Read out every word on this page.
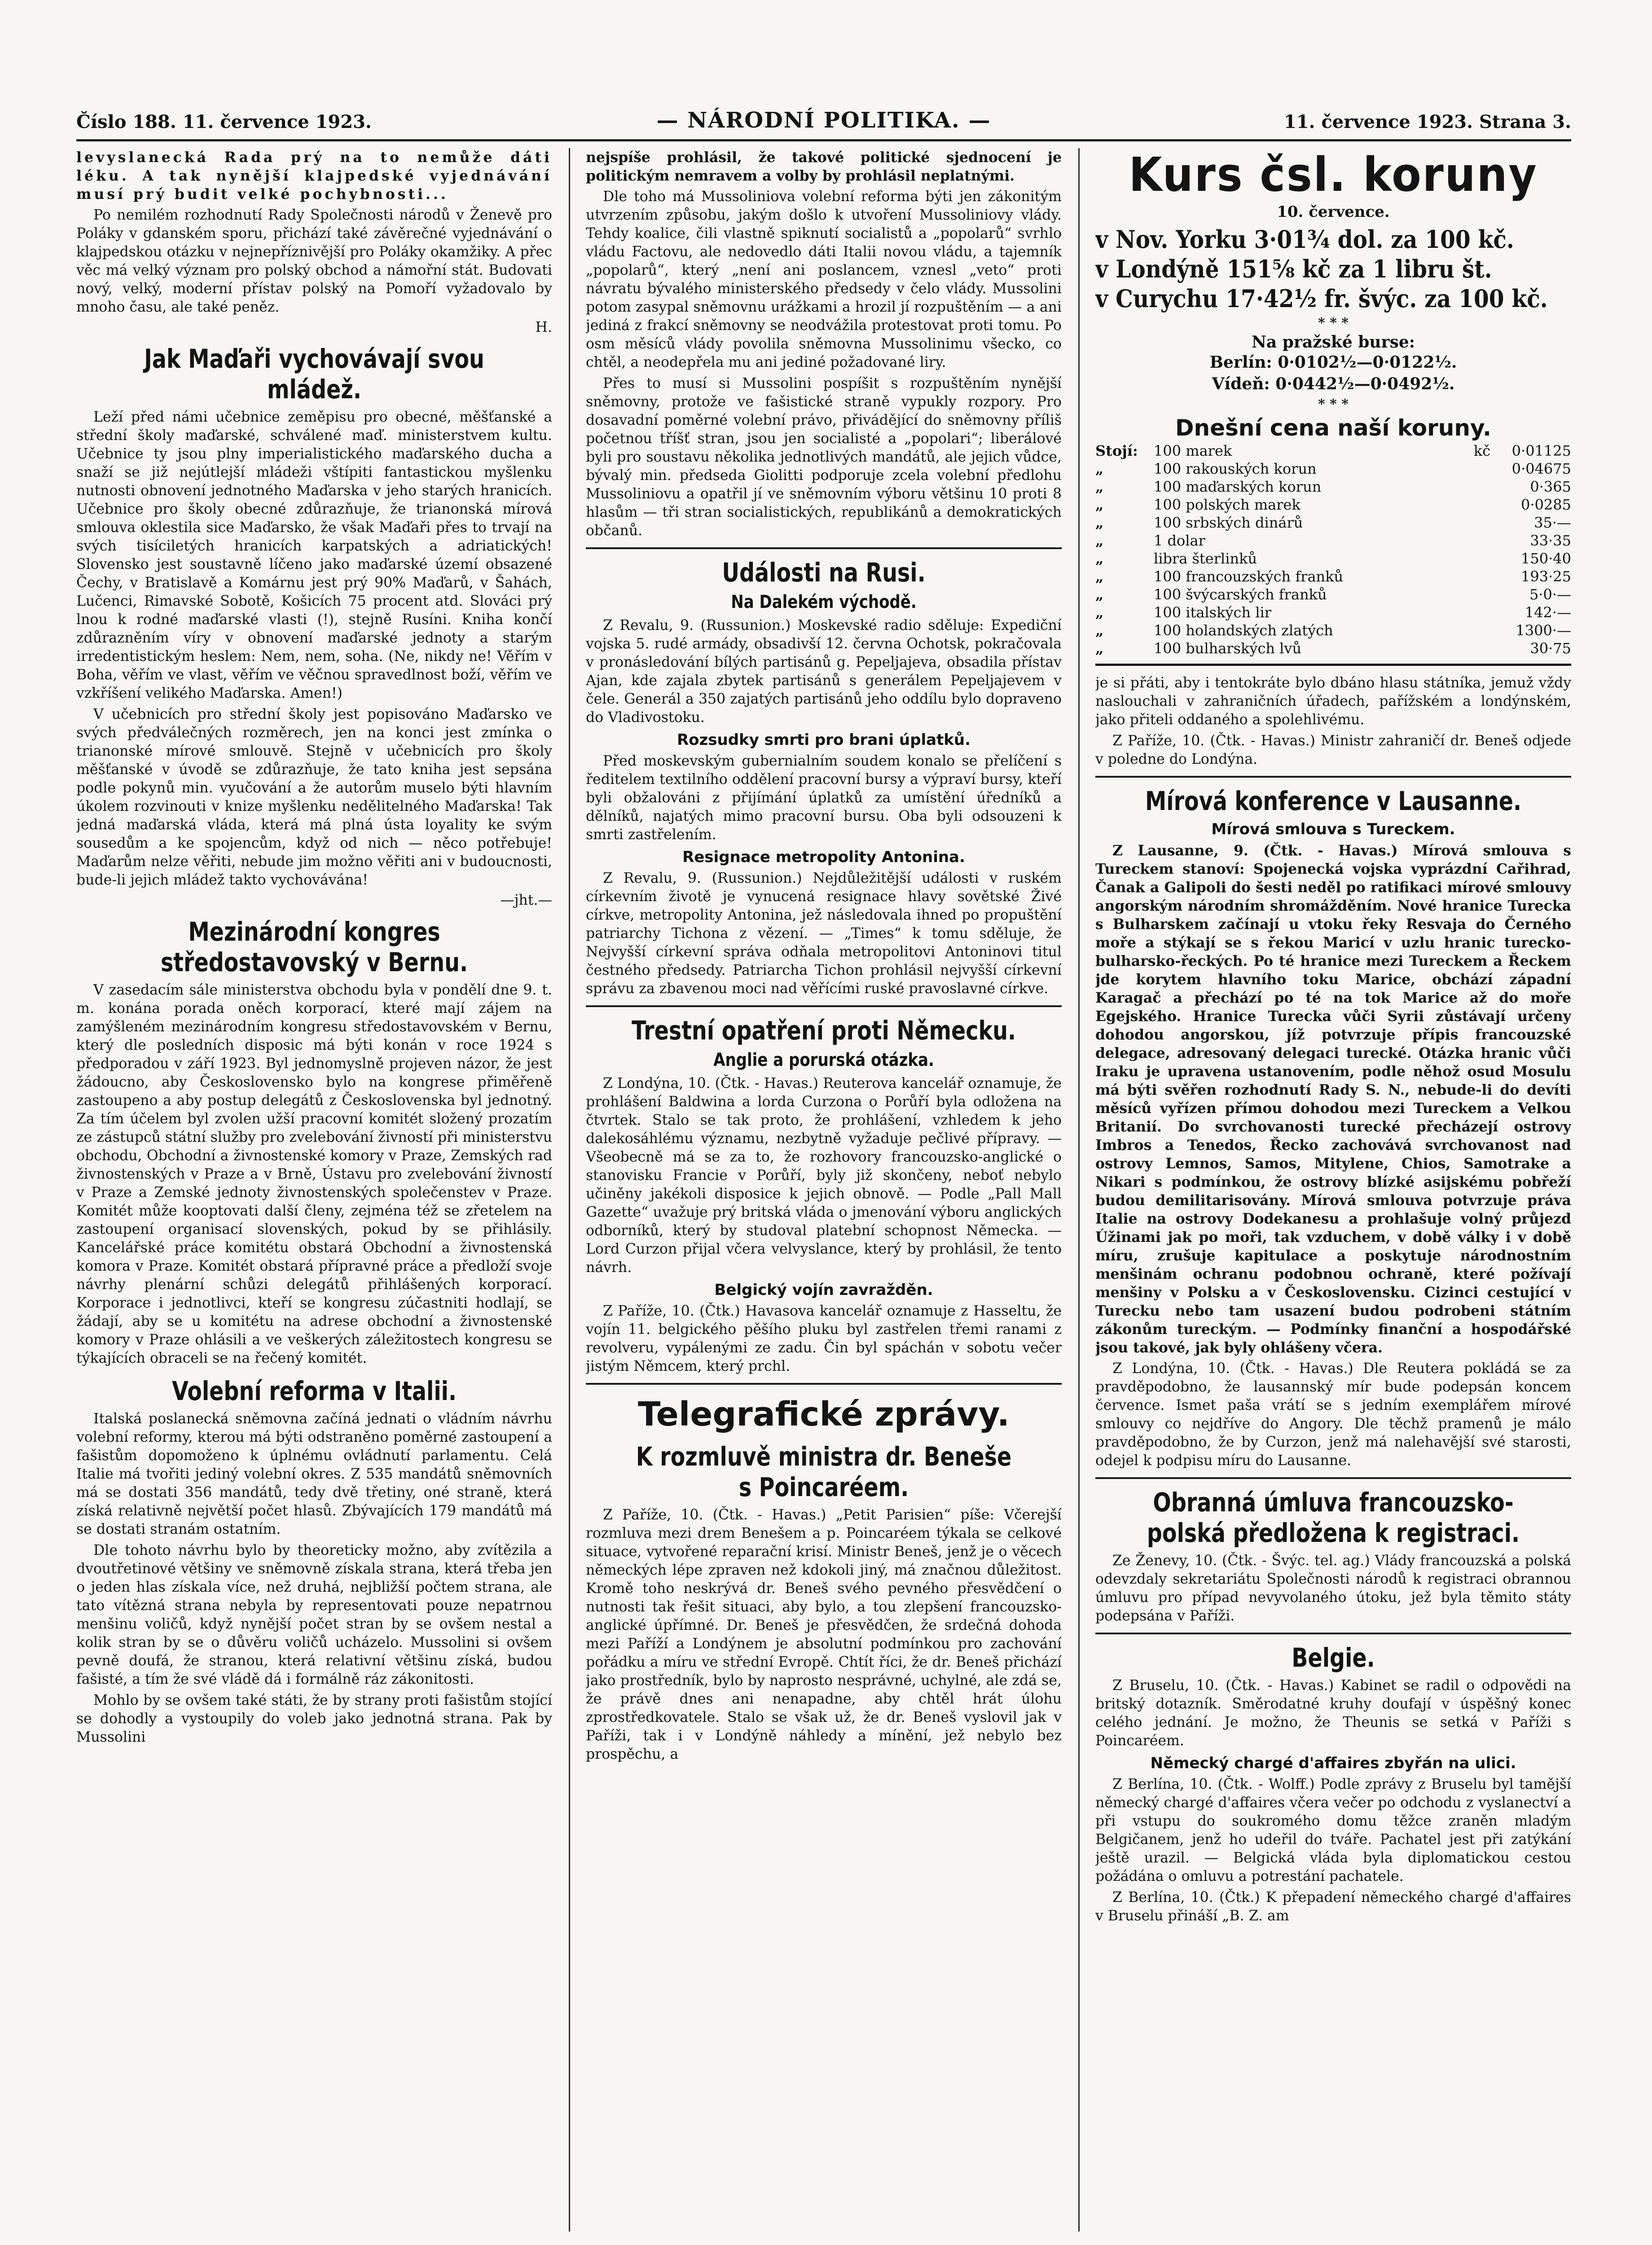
Číslo 188. 11. července 1923.	— NÁRODNÍ POLITIKA. —	11. července 1923. Strana 3.

levyslanecká Rada prý na to nemůže dáti léku. A tak nynější klajpedské vyjednávání musí prý budit velké pochybnosti...

Po nemilém rozhodnutí Rady Společnosti národů v Ženevě pro Poláky v gdanském sporu, přichází také závěrečné vyjednávání o klajpedskou otázku v nejnepříznivější pro Poláky okamžiky. A přec věc má velký význam pro polský obchod a námořní stát. Budovati nový, velký, moderní přístav polský na Pomoří vyžadovalo by mnoho času, ale také peněz.

H.
Jak Maďaři vychovávají svou mládež.

Leží před námi učebnice zeměpisu pro obecné, měšťanské a střední školy maďarské, schválené maď. ministerstvem kultu. Učebnice ty jsou plny imperialistického maďarského ducha a snaží se již nejútlejší mládeži vštípiti fantastickou myšlenku nutnosti obnovení jednotného Maďarska v jeho starých hranicích. Učebnice pro školy obecné zdůrazňuje, že trianonská mírová smlouva oklestila sice Maďarsko, že však Maďaři přes to trvají na svých tisíciletých hranicích karpatských a adriatických! Slovensko jest soustavně líčeno jako maďarské území obsazené Čechy, v Bratislavě a Komárnu jest prý 90% Maďarů, v Šahách, Lučenci, Rimavské Sobotě, Košicích 75 procent atd. Slováci prý lnou k rodné maďarské vlasti (!), stejně Rusíni. Kniha končí zdůrazněním víry v obnovení maďarské jednoty a starým irredentistickým heslem: Nem, nem, soha. (Ne, nikdy ne! Věřím v Boha, věřím ve vlast, věřím ve věčnou spravedlnost boží, věřím ve vzkříšení velikého Maďarska. Amen!)

V učebnicích pro střední školy jest popisováno Maďarsko ve svých předválečných rozměrech, jen na konci jest zmínka o trianonské mírové smlouvě. Stejně v učebnicích pro školy měšťanské v úvodě se zdůrazňuje, že tato kniha jest sepsána podle pokynů min. vyučování a že autorům muselo býti hlavním úkolem rozvinouti v knize myšlenku nedělitelného Maďarska! Tak jedná maďarská vláda, která má plná ústa loyality ke svým sousedům a ke spojencům, když od nich — něco potřebuje! Maďarům nelze věřiti, nebude jim možno věřiti ani v budoucnosti, bude-li jejich mládež takto vychovávána!

—jht.—
Mezinárodní kongres středostavovský v Bernu.

V zasedacím sále ministerstva obchodu byla v pondělí dne 9. t. m. konána porada oněch korporací, které mají zájem na zamýšleném mezinárodním kongresu středostavovském v Bernu, který dle posledních disposic má býti konán v roce 1924 s předporadou v září 1923. Byl jednomyslně projeven názor, že jest žádoucno, aby Československo bylo na kongrese přiměřeně zastoupeno a aby postup delegátů z Československa byl jednotný. Za tím účelem byl zvolen užší pracovní komitét složený prozatím ze zástupců státní služby pro zvelebování živností při ministerstvu obchodu, Obchodní a živnostenské komory v Praze, Zemských rad živnostenských v Praze a v Brně, Ústavu pro zvelebování živností v Praze a Zemské jednoty živnostenských společenstev v Praze. Komitét může kooptovati další členy, zejména též se zřetelem na zastoupení organisací slovenských, pokud by se přihlásily. Kancelářské práce komitétu obstará Obchodní a živnostenská komora v Praze. Komitét obstará přípravné práce a předloží svoje návrhy plenární schůzi delegátů přihlášených korporací. Korporace i jednotlivci, kteří se kongresu zúčastniti hodlají, se žádají, aby se u komitétu na adrese obchodní a živnostenské komory v Praze ohlásili a ve veškerých záležitostech kongresu se týkajících obraceli se na řečený komitét.

Volební reforma v Italii.

Italská poslanecká sněmovna začíná jednati o vládním návrhu volební reformy, kterou má býti odstraněno poměrné zastoupení a fašistům dopomoženo k úplnému ovládnutí parlamentu. Celá Italie má tvořiti jediný volební okres. Z 535 mandátů sněmovních má se dostati 356 mandátů, tedy dvě třetiny, oné straně, která získá relativně největší počet hlasů. Zbývajících 179 mandátů má se dostati stranám ostatním.

Dle tohoto návrhu bylo by theoreticky možno, aby zvítězila a dvoutřetinové většiny ve sněmovně získala strana, která třeba jen o jeden hlas získala více, než druhá, nejbližší počtem strana, ale tato vítězná strana nebyla by representovati pouze nepatrnou menšinu voličů, když nynější počet stran by se ovšem nestal a kolik stran by se o důvěru voličů ucházelo. Mussolini si ovšem pevně doufá, že stranou, která relativní většinu získá, budou fašisté, a tím že své vládě dá i formálně ráz zákonitosti.

Mohlo by se ovšem také státi, že by strany proti fašistům stojící se dohodly a vystoupily do voleb jako jednotná strana. Pak by Mussolini

nejspíše prohlásil, že takové politické sjednocení je politickým nemravem a volby by prohlásil neplatnými.

Dle toho má Mussoliniova volební reforma býti jen zákonitým utvrzením způsobu, jakým došlo k utvoření Mussoliniovy vlády. Tehdy koalice, čili vlastně spiknutí socialistů a „popolarů“ svrhlo vládu Factovu, ale nedovedlo dáti Italii novou vládu, a tajemník „popolarů“, který „není ani poslancem, vznesl „veto“ proti návratu bývalého ministerského předsedy v čelo vlády. Mussolini potom zasypal sněmovnu urážkami a hrozil jí rozpuštěním — a ani jediná z frakcí sněmovny se neodvážila protestovat proti tomu. Po osm měsíců vlády povolila sněmovna Mussolinimu všecko, co chtěl, a neodepřela mu ani jediné požadované liry.

Přes to musí si Mussolini pospíšit s rozpuštěním nynější sněmovny, protože ve fašistické straně vypukly rozpory. Pro dosavadní poměrné volební právo, přivádějící do sněmovny příliš početnou tříšť stran, jsou jen socialisté a „popolari“; liberálové byli pro soustavu několika jednotlivých mandátů, ale jejich vůdce, bývalý min. předseda Giolitti podporuje zcela volební předlohu Mussoliniovu a opatřil jí ve sněmovním výboru většinu 10 proti 8 hlasům — tři stran socialistických, republikánů a demokratických občanů.

Události na Rusi.
Na Dalekém východě.

Z Revalu, 9. (Russunion.) Moskevské radio sděluje: Expediční vojska 5. rudé armády, obsadivší 12. června Ochotsk, pokračovala v pronásledování bílých partisánů g. Pepeljajeva, obsadila přístav Ajan, kde zajala zbytek partisánů s generálem Pepeljajevem v čele. Generál a 350 zajatých partisánů jeho oddílu bylo dopraveno do Vladivostoku.

Rozsudky smrti pro brani úplatků.

Před moskevským gubernialním soudem konalo se přelíčení s ředitelem textilního oddělení pracovní bursy a výpraví bursy, kteří byli obžalováni z přijímání úplatků za umístění úředníků a dělníků, najatých mimo pracovní bursu. Oba byli odsouzeni k smrti zastřelením.

Resignace metropolity Antonina.

Z Revalu, 9. (Russunion.) Nejdůležitější události v ruském církevním životě je vynucená resignace hlavy sovětské Živé církve, metropolity Antonina, jež následovala ihned po propuštění patriarchy Tichona z vězení. — „Times“ k tomu sděluje, že Nejvyšší církevní správa odňala metropolitovi Antoninovi titul čestného předsedy. Patriarcha Tichon prohlásil nejvyšší církevní správu za zbavenou moci nad věřícími ruské pravoslavné církve.

Trestní opatření proti Německu.
Anglie a porurská otázka.

Z Londýna, 10. (Čtk. - Havas.) Reuterova kancelář oznamuje, že prohlášení Baldwina a lorda Curzona o Porůří byla odložena na čtvrtek. Stalo se tak proto, že prohlášení, vzhledem k jeho dalekosáhlému významu, nezbytně vyžaduje pečlivé přípravy. — Všeobecně má se za to, že rozhovory francouzsko-anglické o stanovisku Francie v Porůří, byly již skončeny, neboť nebylo učiněny jakékoli disposice k jejich obnově. — Podle „Pall Mall Gazette“ uvažuje prý britská vláda o jmenování výboru anglických odborníků, který by studoval platební schopnost Německa. — Lord Curzon přijal včera velvyslance, který by prohlásil, že tento návrh.

Belgický vojín zavražděn.

Z Paříže, 10. (Čtk.) Havasova kancelář oznamuje z Hasseltu, že vojín 11. belgického pěšího pluku byl zastřelen třemi ranami z revolveru, vypálenými ze zadu. Čin byl spáchán v sobotu večer jistým Němcem, který prchl.

Telegrafické zprávy.
K rozmluvě ministra dr. Beneše s Poincaréem.

Z Paříže, 10. (Čtk. - Havas.) „Petit Parisien“ píše: Včerejší rozmluva mezi drem Benešem a p. Poincaréem týkala se celkové situace, vytvořené reparační krisí. Ministr Beneš, jenž je o věcech německých lépe zpraven než kdokoli jiný, má značnou důležitost. Kromě toho neskrývá dr. Beneš svého pevného přesvědčení o nutnosti tak řešit situaci, aby bylo, a tou zlepšení francouzsko-anglické úpřímné. Dr. Beneš je přesvědčen, že srdečná dohoda mezi Paříží a Londýnem je absolutní podmínkou pro zachování pořádku a míru ve střední Evropě. Chtít říci, že dr. Beneš přichází jako prostředník, bylo by naprosto nesprávné, uchylné, ale zdá se, že právě dnes ani nenapadne, aby chtěl hrát úlohu zprostředkovatele. Stalo se však už, že dr. Beneš vyslovil jak v Paříži, tak i v Londýně náhledy a mínění, jež nebylo bez prospěchu, a

Kurs čsl. koruny
10. července.
v Nov. Yorku 3·01¾ dol. za 100 kč.
v Londýně 151⅝ kč za 1 libru št.
v Curychu 17·42½ fr. švýc. za 100 kč.
* * *
Na pražské burse:
Berlín: 0·0102½—0·0122½.
Vídeň: 0·0442½—0·0492½.
* * *
Dnešní cena naší koruny.
Stojí:	100 marek	kč	0·01125
„	100 rakouských korun		0·04675
„	100 maďarských korun		0·365
„	100 polských marek		0·0285
„	100 srbských dinárů		35·—
„	1 dolar		33·35
„	libra šterlinků		150·40
„	100 francouzských franků		193·25
„	100 švýcarských franků		5·0·—
„	100 italských lir		142·—
„	100 holandských zlatých		1300·—
„	100 bulharských lvů		30·75

je si přáti, aby i tentokráte bylo dbáno hlasu státníka, jemuž vždy naslouchali v zahraničních úřadech, pařížském a londýnském, jako přiteli oddaného a spolehlivému.

Z Paříže, 10. (Čtk. - Havas.) Ministr zahraničí dr. Beneš odjede v poledne do Londýna.

Mírová konference v Lausanne.
Mírová smlouva s Tureckem.

Z Lausanne, 9. (Čtk. - Havas.) Mírová smlouva s Tureckem stanoví: Spojenecká vojska vyprázdní Cařihrad, Čanak a Galipoli do šesti neděl po ratifikaci mírové smlouvy angorským národním shromážděním. Nové hranice Turecka s Bulharskem začínají u vtoku řeky Resvaja do Černého moře a stýkají se s řekou Maricí v uzlu hranic turecko-bulharsko-řeckých. Po té hranice mezi Tureckem a Řeckem jde korytem hlavního toku Marice, obchází západní Karagač a přechází po té na tok Marice až do moře Egejského. Hranice Turecka vůči Syrii zůstávají určeny dohodou angorskou, jíž potvrzuje přípis francouzské delegace, adresovaný delegaci turecké. Otázka hranic vůči Iraku je upravena ustanovením, podle něhož osud Mosulu má býti svěřen rozhodnutí Rady S. N., nebude-li do devíti měsíců vyřízen přímou dohodou mezi Tureckem a Velkou Britanií. Do svrchovanosti turecké přecházejí ostrovy Imbros a Tenedos, Řecko zachovává svrchovanost nad ostrovy Lemnos, Samos, Mitylene, Chios, Samotrake a Nikari s podmínkou, že ostrovy blízké asijskému pobřeží budou demilitarisovány. Mírová smlouva potvrzuje práva Italie na ostrovy Dodekanesu a prohlašuje volný průjezd Úžinami jak po moři, tak vzduchem, v době války i v době míru, zrušuje kapitulace a poskytuje národnostním menšinám ochranu podobnou ochraně, které požívají menšiny v Polsku a v Československu. Cizinci cestující v Turecku nebo tam usazení budou podrobeni státním zákonům tureckým. — Podmínky finanční a hospodářské jsou takové, jak byly ohlášeny včera.

Z Londýna, 10. (Čtk. - Havas.) Dle Reutera pokládá se za pravděpodobno, že lausannský mír bude podepsán koncem července. Ismet paša vrátí se s jedním exemplářem mírové smlouvy co nejdříve do Angory. Dle těchž pramenů je málo pravděpodobno, že by Curzon, jenž má nalehavější své starosti, odejel k podpisu míru do Lausanne.

Obranná úmluva francouzsko-polská předložena k registraci.

Ze Ženevy, 10. (Čtk. - Švýc. tel. ag.) Vlády francouzská a polská odevzdaly sekretariátu Společnosti národů k registraci obrannou úmluvu pro případ nevyvolaného útoku, jež byla těmito státy podepsána v Paříži.

Belgie.

Z Bruselu, 10. (Čtk. - Havas.) Kabinet se radil o odpovědi na britský dotazník. Směrodatné kruhy doufají v úspěšný konec celého jednání. Je možno, že Theunis se setká v Paříži s Poincaréem.

Německý chargé d'affaires zbyřán na ulici.

Z Berlína, 10. (Čtk. - Wolff.) Podle zprávy z Bruselu byl tamější německý chargé d'affaires včera večer po odchodu z vyslanectví a při vstupu do soukromého domu těžce zraněn mladým Belgičanem, jenž ho udeřil do tváře. Pachatel jest při zatýkání ještě urazil. — Belgická vláda byla diplomatickou cestou požádána o omluvu a potrestání pachatele.

Z Berlína, 10. (Čtk.) K přepadení německého chargé d'affaires v Bruselu přináší „B. Z. am
